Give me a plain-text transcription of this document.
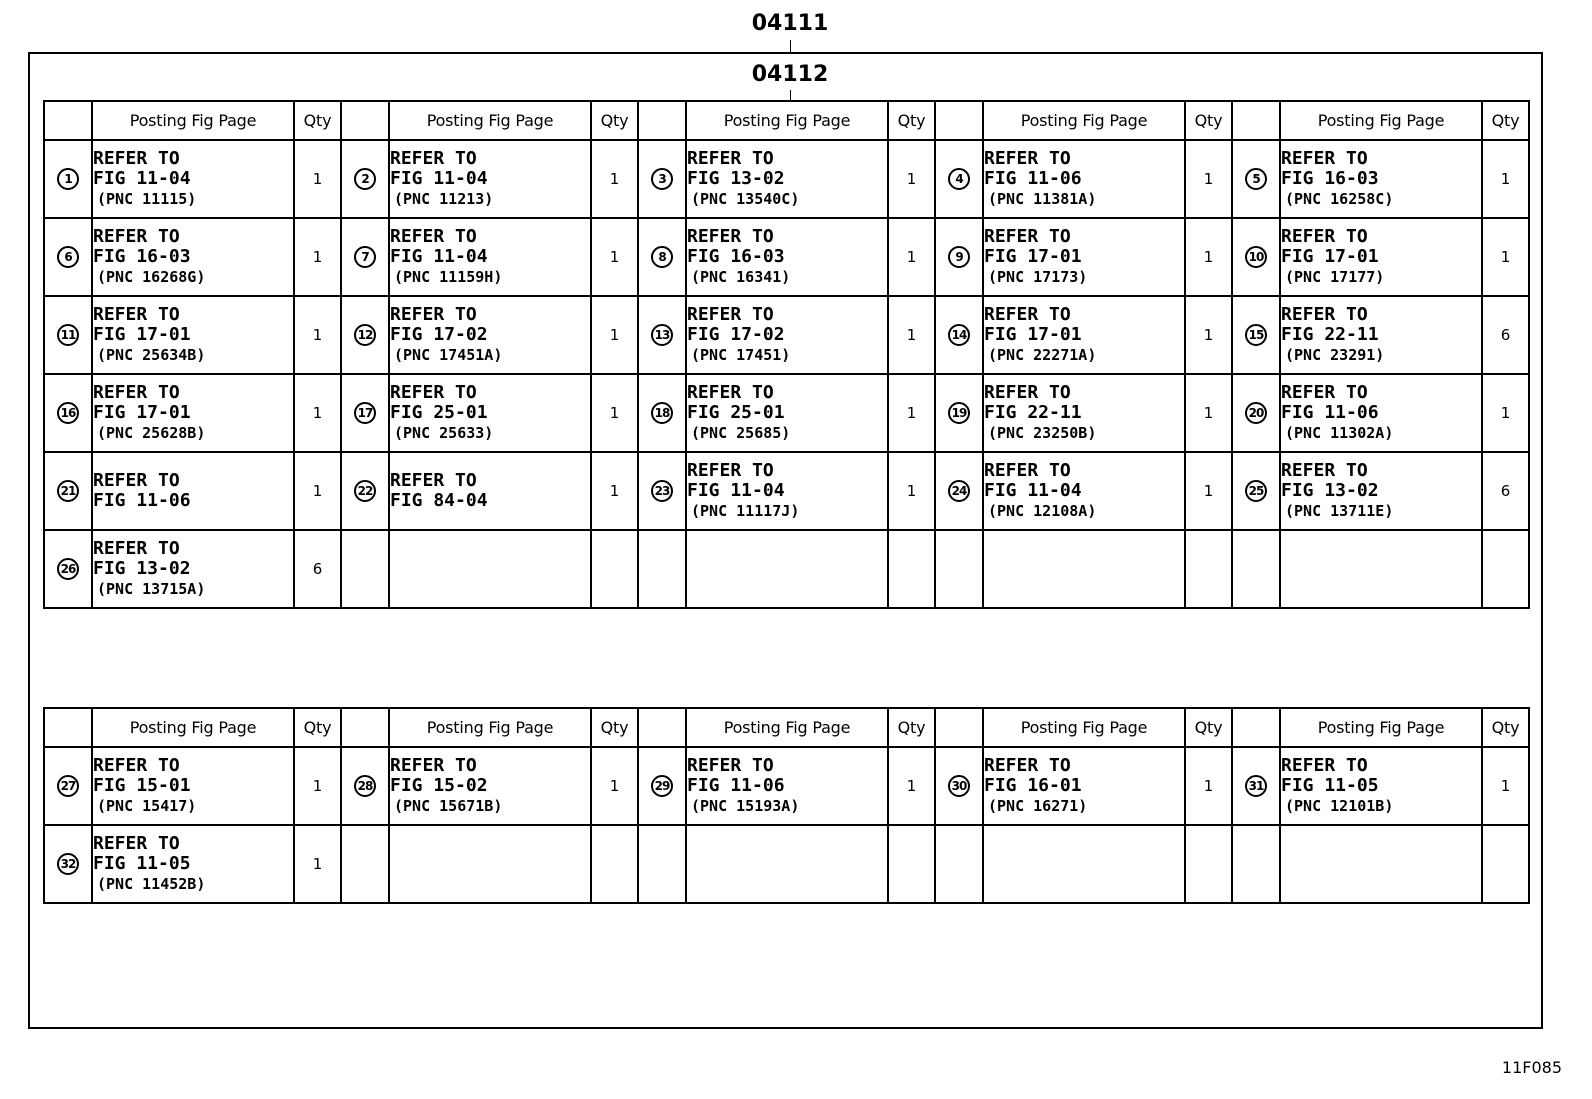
04111
04112
	Posting Fig Page	Qty		Posting Fig Page	Qty		Posting Fig Page	Qty		Posting Fig Page	Qty		Posting Fig Page	Qty
1	REFER TO
FIG 11-04
(PNC 11115)	1	2	REFER TO
FIG 11-04
(PNC 11213)	1	3	REFER TO
FIG 13-02
(PNC 13540C)	1	4	REFER TO
FIG 11-06
(PNC 11381A)	1	5	REFER TO
FIG 16-03
(PNC 16258C)	1
6	REFER TO
FIG 16-03
(PNC 16268G)	1	7	REFER TO
FIG 11-04
(PNC 11159H)	1	8	REFER TO
FIG 16-03
(PNC 16341)	1	9	REFER TO
FIG 17-01
(PNC 17173)	1	10	REFER TO
FIG 17-01
(PNC 17177)	1
11	REFER TO
FIG 17-01
(PNC 25634B)	1	12	REFER TO
FIG 17-02
(PNC 17451A)	1	13	REFER TO
FIG 17-02
(PNC 17451)	1	14	REFER TO
FIG 17-01
(PNC 22271A)	1	15	REFER TO
FIG 22-11
(PNC 23291)	6
16	REFER TO
FIG 17-01
(PNC 25628B)	1	17	REFER TO
FIG 25-01
(PNC 25633)	1	18	REFER TO
FIG 25-01
(PNC 25685)	1	19	REFER TO
FIG 22-11
(PNC 23250B)	1	20	REFER TO
FIG 11-06
(PNC 11302A)	1
21	REFER TO
FIG 11-06	1	22	REFER TO
FIG 84-04	1	23	REFER TO
FIG 11-04
(PNC 11117J)	1	24	REFER TO
FIG 11-04
(PNC 12108A)	1	25	REFER TO
FIG 13-02
(PNC 13711E)	6
26	REFER TO
FIG 13-02
(PNC 13715A)	6												
	Posting Fig Page	Qty		Posting Fig Page	Qty		Posting Fig Page	Qty		Posting Fig Page	Qty		Posting Fig Page	Qty
27	REFER TO
FIG 15-01
(PNC 15417)	1	28	REFER TO
FIG 15-02
(PNC 15671B)	1	29	REFER TO
FIG 11-06
(PNC 15193A)	1	30	REFER TO
FIG 16-01
(PNC 16271)	1	31	REFER TO
FIG 11-05
(PNC 12101B)	1
32	REFER TO
FIG 11-05
(PNC 11452B)	1												
11F085
